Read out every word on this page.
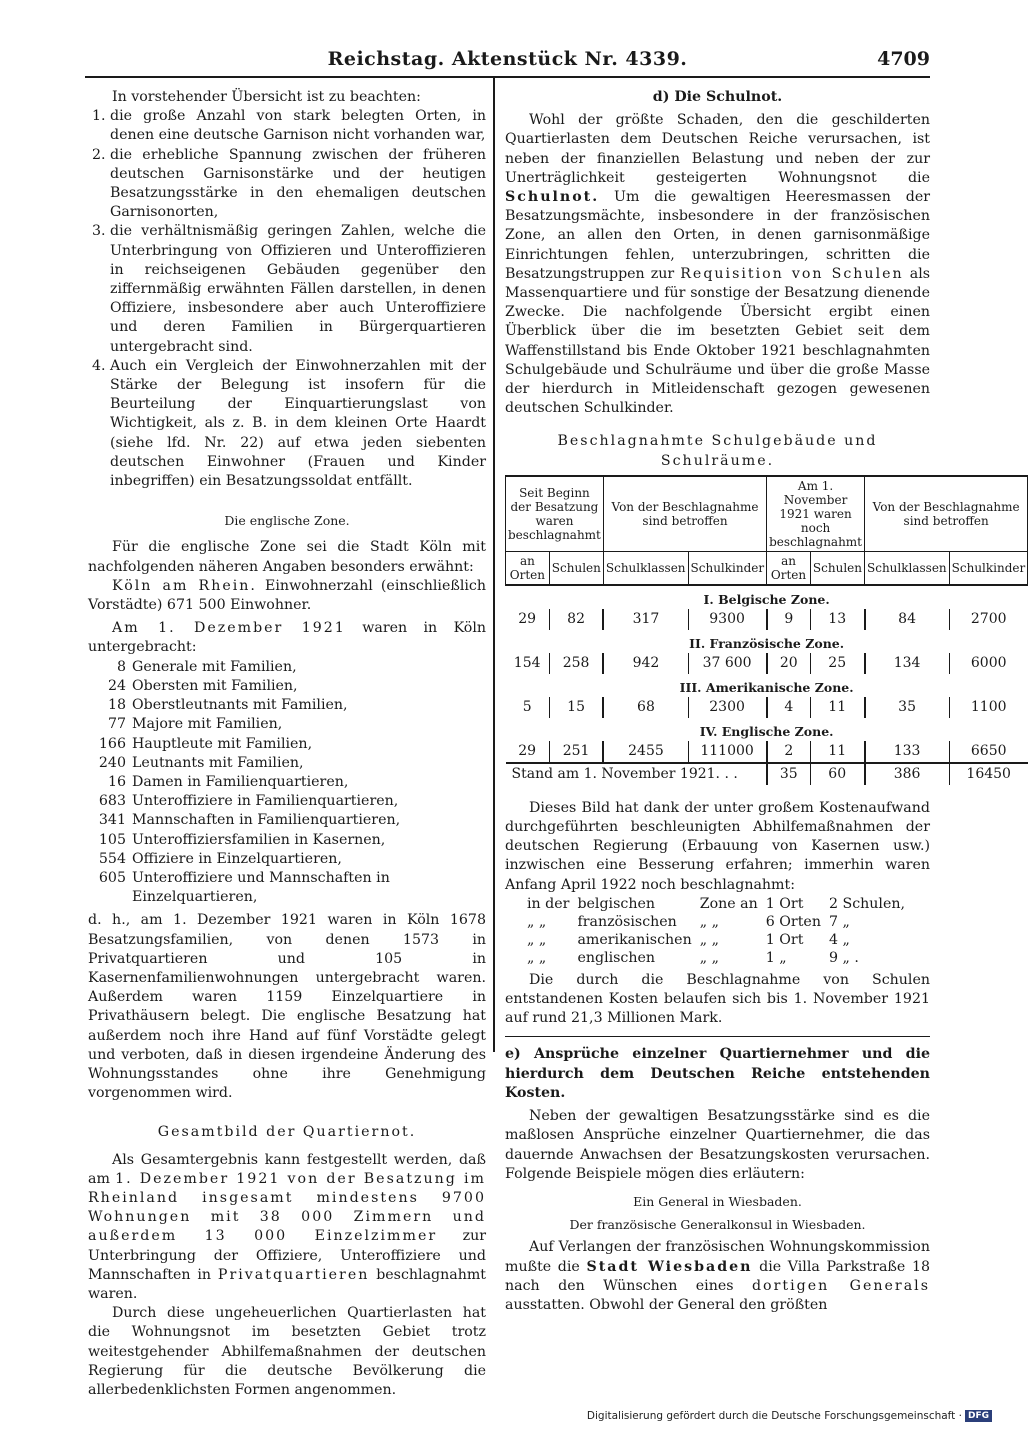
Reichstag. Aktenstück Nr. 4339.	4709

In vorstehender Übersicht ist zu beachten:

1. die große Anzahl von stark belegten Orten, in denen eine deutsche Garnison nicht vorhanden war,
2. die erhebliche Spannung zwischen der früheren deutschen Garnisonstärke und der heutigen Besatzungsstärke in den ehemaligen deutschen Garnisonorten,
3. die verhältnismäßig geringen Zahlen, welche die Unterbringung von Offizieren und Unteroffizieren in reichseigenen Gebäuden gegenüber den ziffernmäßig erwähnten Fällen darstellen, in denen Offiziere, insbesondere aber auch Unteroffiziere und deren Familien in Bürgerquartieren untergebracht sind.
4. Auch ein Vergleich der Einwohnerzahlen mit der Stärke der Belegung ist insofern für die Beurteilung der Einquartierungslast von Wichtigkeit, als z. B. in dem kleinen Orte Haardt (siehe lfd. Nr. 22) auf etwa jeden siebenten deutschen Einwohner (Frauen und Kinder inbegriffen) ein Besatzungssoldat entfällt.

Die englische Zone.

Für die englische Zone sei die Stadt Köln mit nachfolgenden näheren Angaben besonders erwähnt:

Köln am Rhein. Einwohnerzahl (einschließlich Vorstädte) 671 500 Einwohner.

Am 1. Dezember 1921 waren in Köln untergebracht:

8	Generale mit Familien,
24	Obersten mit Familien,
18	Oberstleutnants mit Familien,
77	Majore mit Familien,
166	Hauptleute mit Familien,
240	Leutnants mit Familien,
16	Damen in Familienquartieren,
683	Unteroffiziere in Familienquartieren,
341	Mannschaften in Familienquartieren,
105	Unteroffiziersfamilien in Kasernen,
554	Offiziere in Einzelquartieren,
605	Unteroffiziere und Mannschaften in Einzelquartieren,

d. h., am 1. Dezember 1921 waren in Köln 1678 Besatzungsfamilien, von denen 1573 in Privatquartieren und 105 in Kasernenfamilienwohnungen untergebracht waren. Außerdem waren 1159 Einzelquartiere in Privathäusern belegt. Die englische Besatzung hat außerdem noch ihre Hand auf fünf Vorstädte gelegt und verboten, daß in diesen irgendeine Änderung des Wohnungsstandes ohne ihre Genehmigung vorgenommen wird.

Gesamtbild der Quartiernot.

Als Gesamtergebnis kann festgestellt werden, daß am 1. Dezember 1921 von der Besatzung im Rheinland insgesamt mindestens 9700 Wohnungen mit 38 000 Zimmern und außerdem 13 000 Einzelzimmer zur Unterbringung der Offiziere, Unteroffiziere und Mannschaften in Privatquartieren beschlagnahmt waren.

Durch diese ungeheuerlichen Quartierlasten hat die Wohnungsnot im besetzten Gebiet trotz weitestgehender Abhilfemaßnahmen der deutschen Regierung für die deutsche Bevölkerung die allerbedenklichsten Formen angenommen.

d) Die Schulnot.

Wohl der größte Schaden, den die geschilderten Quartierlasten dem Deutschen Reiche verursachen, ist neben der finanziellen Belastung und neben der zur Unerträglichkeit gesteigerten Wohnungsnot die Schulnot. Um die gewaltigen Heeresmassen der Besatzungsmächte, insbesondere in der französischen Zone, an allen den Orten, in denen garnisonmäßige Einrichtungen fehlen, unterzubringen, schritten die Besatzungstruppen zur Requisition von Schulen als Massenquartiere und für sonstige der Besatzung dienende Zwecke. Die nachfolgende Übersicht ergibt einen Überblick über die im besetzten Gebiet seit dem Waffenstillstand bis Ende Oktober 1921 beschlagnahmten Schulgebäude und Schulräume und über die große Masse der hierdurch in Mitleidenschaft gezogen gewesenen deutschen Schulkinder.

Beschlagnahmte Schulgebäude und Schulräume.

Seit Beginn der Besatzung waren beschlagnahmt		Von der Beschlagnahme sind betroffen		Am 1. November 1921 waren noch beschlagnahmt		Von der Beschlagnahme sind betroffen	
an Orten	Schulen	Schulklassen	Schulkinder	an Orten	Schulen	Schulklassen	Schulkinder
I. Belgische Zone.							
29	82	317	9300	9	13	84	2700
II. Französische Zone.							
154	258	942	37 600	20	25	134	6000
III. Amerikanische Zone.							
5	15	68	2300	4	11	35	1100
IV. Englische Zone.							
29	251	2455	111000	2	11	133	6650
Stand am 1. November 1921. . .				35	60	386	16450

Dieses Bild hat dank der unter großem Kostenaufwand durchgeführten beschleunigten Abhilfemaßnahmen der deutschen Regierung (Erbauung von Kasernen usw.) inzwischen eine Besserung erfahren; immerhin waren Anfang April 1922 noch beschlagnahmt:

in der	belgischen	Zone an	1 Ort	2 Schulen,
„ „	französischen	„ „	6 Orten	7 „
„ „	amerikanischen	„ „	1 Ort	4 „
„ „	englischen	„ „	1 „	9 „ .

Die durch die Beschlagnahme von Schulen entstandenen Kosten belaufen sich bis 1. November 1921 auf rund 21,3 Millionen Mark.

e) Ansprüche einzelner Quartiernehmer und die hierdurch dem Deutschen Reiche entstehenden Kosten.

Neben der gewaltigen Besatzungsstärke sind es die maßlosen Ansprüche einzelner Quartiernehmer, die das dauernde Anwachsen der Besatzungskosten verursachen. Folgende Beispiele mögen dies erläutern:

Ein General in Wiesbaden.

Der französische Generalkonsul in Wiesbaden.

Auf Verlangen der französischen Wohnungskommission mußte die Stadt Wiesbaden die Villa Parkstraße 18 nach den Wünschen eines dortigen Generals ausstatten. Obwohl der General den größten

Digitalisierung gefördert durch die Deutsche Forschungsgemeinschaft · DFG
